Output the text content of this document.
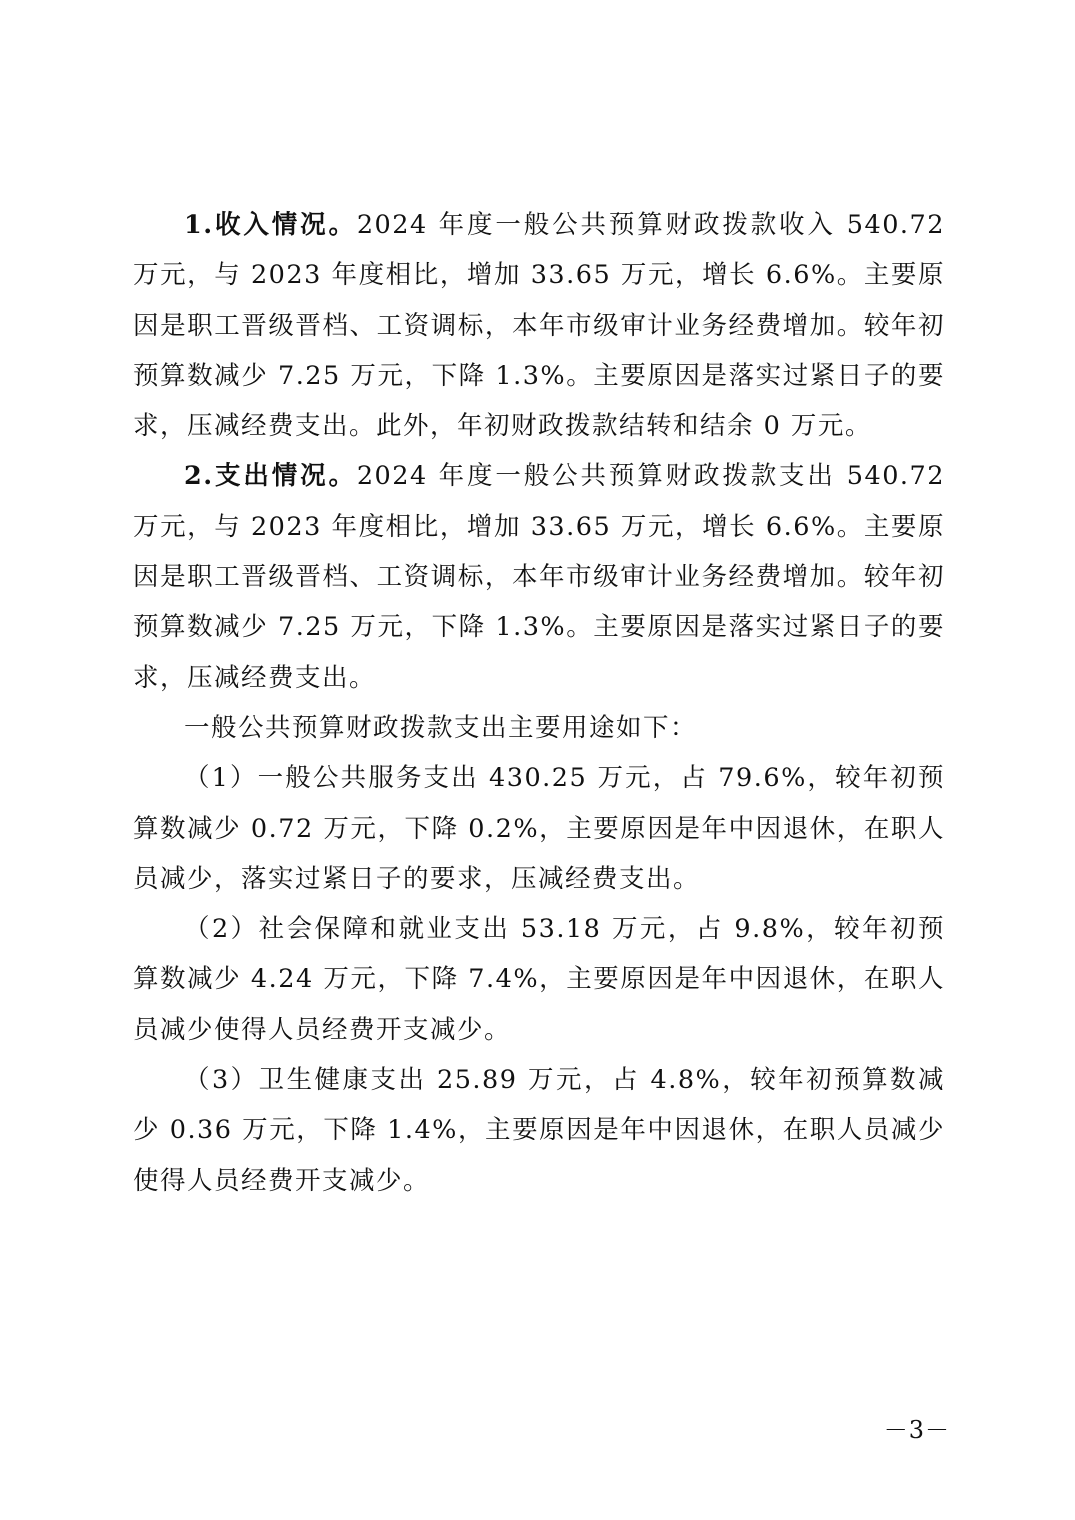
1.收入情况。2024 年度一般公共预算财政拨款收入 540.72 万元，与 2023 年度相比，增加 33.65 万元，增长 6.6%。主要原因是职工晋级晋档、工资调标，本年市级审计业务经费增加。较年初预算数减少 7.25 万元，下降 1.3%。主要原因是落实过紧日子的要求，压减经费支出。此外，年初财政拨款结转和结余 0 万元。

2.支出情况。2024 年度一般公共预算财政拨款支出 540.72 万元，与 2023 年度相比，增加 33.65 万元，增长 6.6%。主要原因是职工晋级晋档、工资调标，本年市级审计业务经费增加。较年初预算数减少 7.25 万元，下降 1.3%。主要原因是落实过紧日子的要求，压减经费支出。

一般公共预算财政拨款支出主要用途如下：

（1）一般公共服务支出 430.25 万元，占 79.6%，较年初预算数减少 0.72 万元，下降 0.2%，主要原因是年中因退休，在职人员减少，落实过紧日子的要求，压减经费支出。

（2）社会保障和就业支出 53.18 万元，占 9.8%，较年初预算数减少 4.24 万元，下降 7.4%，主要原因是年中因退休，在职人员减少使得人员经费开支减少。

（3）卫生健康支出 25.89 万元，占 4.8%，较年初预算数减少 0.36 万元，下降 1.4%，主要原因是年中因退休，在职人员减少使得人员经费开支减少。

－3－
